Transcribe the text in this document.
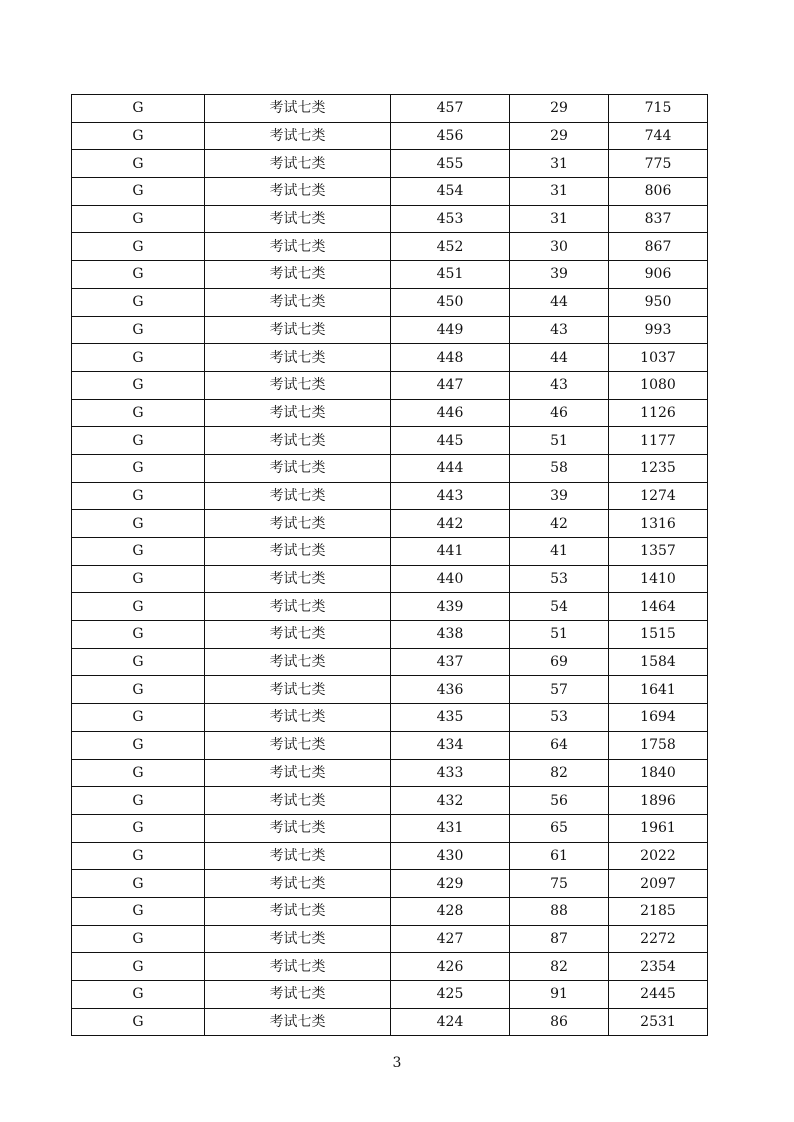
G	考试七类	457	29	715
G	考试七类	456	29	744
G	考试七类	455	31	775
G	考试七类	454	31	806
G	考试七类	453	31	837
G	考试七类	452	30	867
G	考试七类	451	39	906
G	考试七类	450	44	950
G	考试七类	449	43	993
G	考试七类	448	44	1037
G	考试七类	447	43	1080
G	考试七类	446	46	1126
G	考试七类	445	51	1177
G	考试七类	444	58	1235
G	考试七类	443	39	1274
G	考试七类	442	42	1316
G	考试七类	441	41	1357
G	考试七类	440	53	1410
G	考试七类	439	54	1464
G	考试七类	438	51	1515
G	考试七类	437	69	1584
G	考试七类	436	57	1641
G	考试七类	435	53	1694
G	考试七类	434	64	1758
G	考试七类	433	82	1840
G	考试七类	432	56	1896
G	考试七类	431	65	1961
G	考试七类	430	61	2022
G	考试七类	429	75	2097
G	考试七类	428	88	2185
G	考试七类	427	87	2272
G	考试七类	426	82	2354
G	考试七类	425	91	2445
G	考试七类	424	86	2531
3
